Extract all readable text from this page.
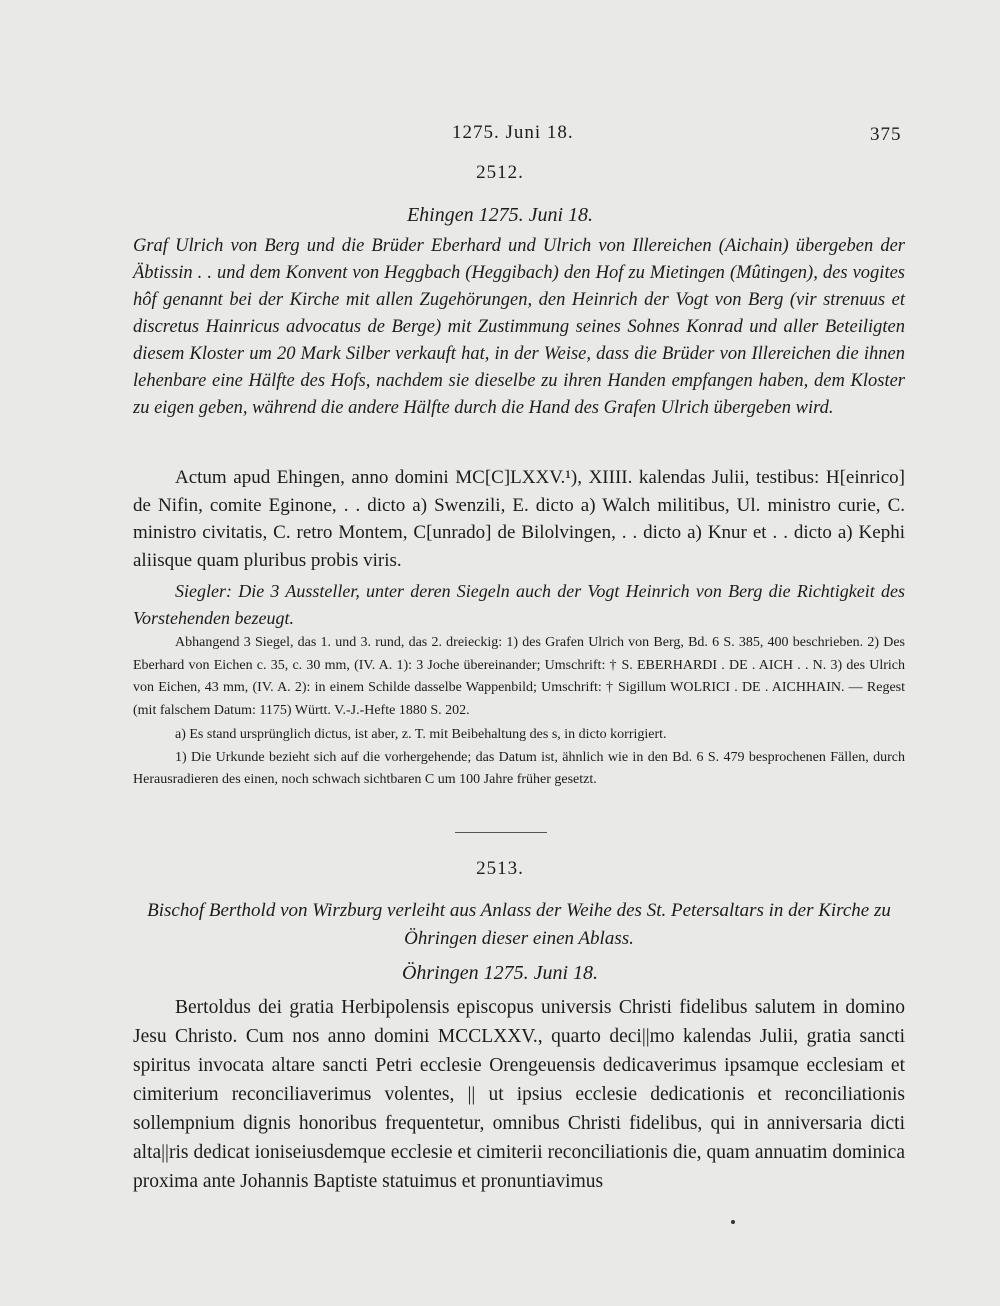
1275. Juni 18.	375
2512.
Ehingen 1275. Juni 18.

Graf Ulrich von Berg und die Brüder Eberhard und Ulrich von Illereichen (Aichain) übergeben der Äbtissin . . und dem Konvent von Heggbach (Heggibach) den Hof zu Mietingen (Mûtingen), des vogites hôf genannt bei der Kirche mit allen Zugehörungen, den Heinrich der Vogt von Berg (vir strenuus et discretus Hainricus advocatus de Berge) mit Zustimmung seines Sohnes Konrad und aller Beteiligten diesem Kloster um 20 Mark Silber verkauft hat, in der Weise, dass die Brüder von Illereichen die ihnen lehenbare eine Hälfte des Hofs, nachdem sie dieselbe zu ihren Handen empfangen haben, dem Kloster zu eigen geben, während die andere Hälfte durch die Hand des Grafen Ulrich übergeben wird.

Actum apud Ehingen, anno domini MC[C]LXXV.¹), XIIII. kalendas Julii, testibus: H[einrico] de Nifin, comite Eginone, . . dicto a) Swenzili, E. dicto a) Walch militibus, Ul. ministro curie, C. ministro civitatis, C. retro Montem, C[unrado] de Bilolvingen, . . dicto a) Knur et . . dicto a) Kephi aliisque quam pluribus probis viris.

Siegler: Die 3 Aussteller, unter deren Siegeln auch der Vogt Heinrich von Berg die Richtigkeit des Vorstehenden bezeugt.

Abhangend 3 Siegel, das 1. und 3. rund, das 2. dreieckig: 1) des Grafen Ulrich von Berg, Bd. 6 S. 385, 400 beschrieben. 2) Des Eberhard von Eichen c. 35, c. 30 mm, (IV. A. 1): 3 Joche übereinander; Umschrift: † S. EBERHARDI . DE . AICH . . N. 3) des Ulrich von Eichen, 43 mm, (IV. A. 2): in einem Schilde dasselbe Wappenbild; Umschrift: † Sigillum WOLRICI . DE . AICHHAIN. — Regest (mit falschem Datum: 1175) Württ. V.-J.-Hefte 1880 S. 202.

a) Es stand ursprünglich dictus, ist aber, z. T. mit Beibehaltung des s, in dicto korrigiert.

1) Die Urkunde bezieht sich auf die vorhergehende; das Datum ist, ähnlich wie in den Bd. 6 S. 479 besprochenen Fällen, durch Herausradieren des einen, noch schwach sichtbaren C um 100 Jahre früher gesetzt.

2513.

Bischof Berthold von Wirzburg verleiht aus Anlass der Weihe des St. Petersaltars in der Kirche zu Öhringen dieser einen Ablass.

Öhringen 1275. Juni 18.

Bertoldus dei gratia Herbipolensis episcopus universis Christi fidelibus salutem in domino Jesu Christo. Cum nos anno domini MCCLXXV., quarto deci||mo kalendas Julii, gratia sancti spiritus invocata altare sancti Petri ecclesie Orengeuensis dedicaverimus ipsamque ecclesiam et cimiterium reconciliaverimus volentes, || ut ipsius ecclesie dedicationis et reconciliationis sollempnium dignis honoribus frequentetur, omnibus Christi fidelibus, qui in anniversaria dicti alta||ris dedicat ioniseiusdemque ecclesie et cimiterii reconciliationis die, quam annuatim dominica proxima ante Johannis Baptiste statuimus et pronuntiavimus
